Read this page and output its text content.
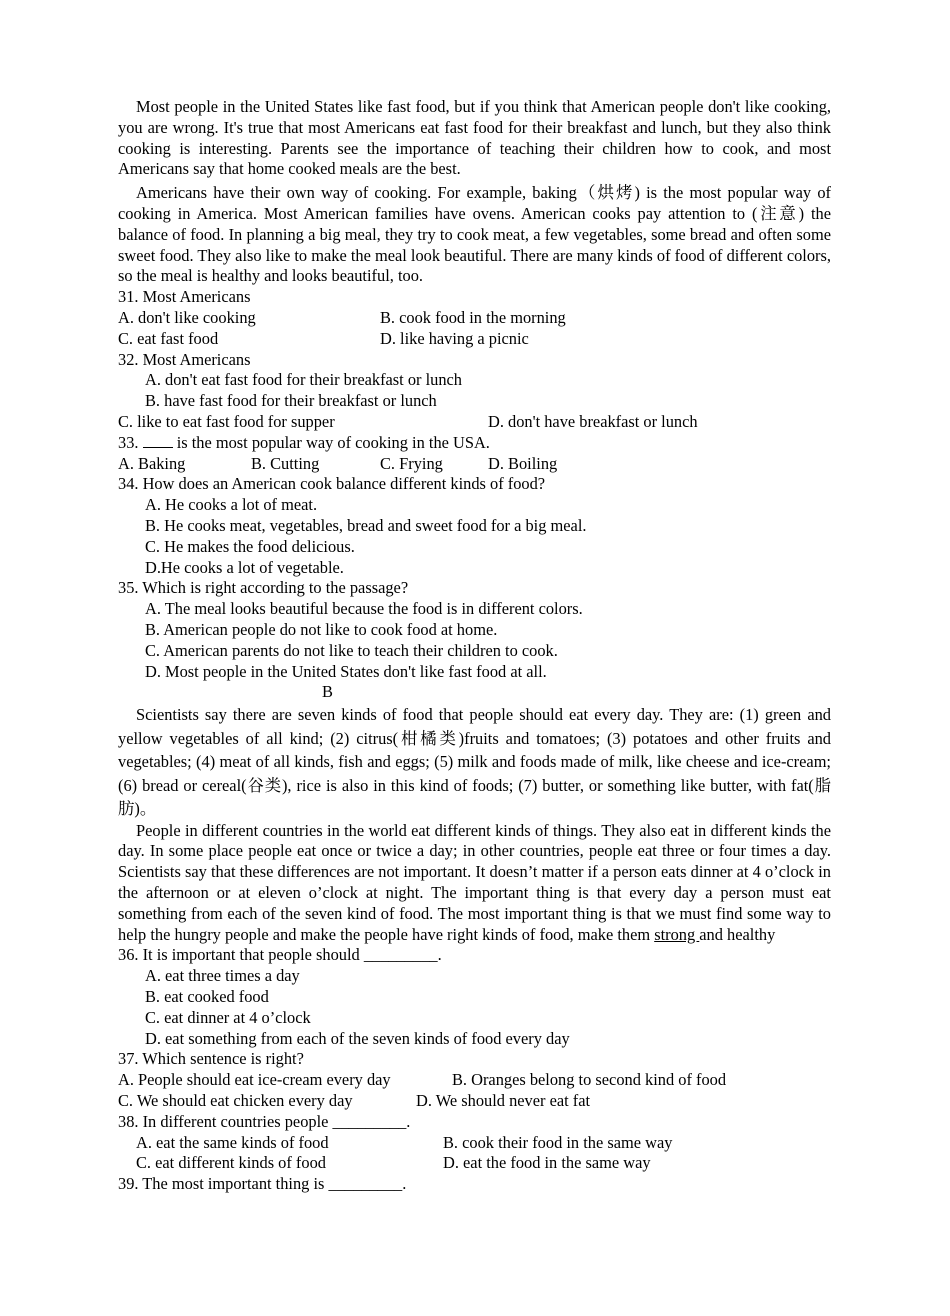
Most people in the United States like fast food, but if you think that American people don't like cooking, you are wrong. It's true that most Americans eat fast food for their breakfast and lunch, but they also think cooking is interesting. Parents see the importance of teaching their children how to cook, and most Americans say that home cooked meals are the best.

Americans have their own way of cooking. For example, baking（烘烤) is the most popular way of cooking in America. Most American families have ovens. American cooks pay attention to (注意) the balance of food. In planning a big meal, they try to cook meat, a few vegetables, some bread and often some sweet food. They also like to make the meal look beautiful. There are many kinds of food of different colors, so the meal is healthy and looks beautiful, too.

31. Most Americans

A. don't like cooking	B. cook food in the morning

C. eat fast food	D. like having a picnic

32. Most Americans

A. don't eat fast food for their breakfast or lunch

B. have fast food for their breakfast or lunch

C. like to eat fast food for supper	D. don't have breakfast or lunch

33.  is the most popular way of cooking in the USA.

A. Baking	B. Cutting	C. Frying	D. Boiling

34. How does an American cook balance different kinds of food?

A. He cooks a lot of meat.

B. He cooks meat, vegetables, bread and sweet food for a big meal.

C. He makes the food delicious.

D.He cooks a lot of vegetable.

35. Which is right according to the passage?

A. The meal looks beautiful because the food is in different colors.

B. American people do not like to cook food at home.

C. American parents do not like to teach their children to cook.

D. Most people in the United States don't like fast food at all.

B

Scientists say there are seven kinds of food that people should eat every day. They are: (1) green and yellow vegetables of all kind; (2) citrus(柑橘类)fruits and tomatoes; (3) potatoes and other fruits and vegetables; (4) meat of all kinds, fish and eggs; (5) milk and foods made of milk, like cheese and ice-cream; (6) bread or cereal(谷类), rice is also in this kind of foods; (7) butter, or something like butter, with fat(脂肪)。

People in different countries in the world eat different kinds of things. They also eat in different kinds the day. In some place people eat once or twice a day; in other countries, people eat three or four times a day. Scientists say that these differences are not important. It doesn’t matter if a person eats dinner at 4 o’clock in the afternoon or at eleven o’clock at night. The important thing is that every day a person must eat something from each of the seven kind of food. The most important thing is that we must find some way to help the hungry people and make the people have right kinds of food, make them strong and healthy

36. It is important that people should _________.

A. eat three times a day

B. eat cooked food

C. eat dinner at 4 o’clock

D. eat something from each of the seven kinds of food every day

37. Which sentence is right?

A. People should eat ice-cream every day	B. Oranges belong to second kind of food

C. We should eat chicken every day	D. We should never eat fat

38. In different countries people _________.

A. eat the same kinds of food	B. cook their food in the same way

C. eat different kinds of food	D. eat the food in the same way

39. The most important thing is _________.
